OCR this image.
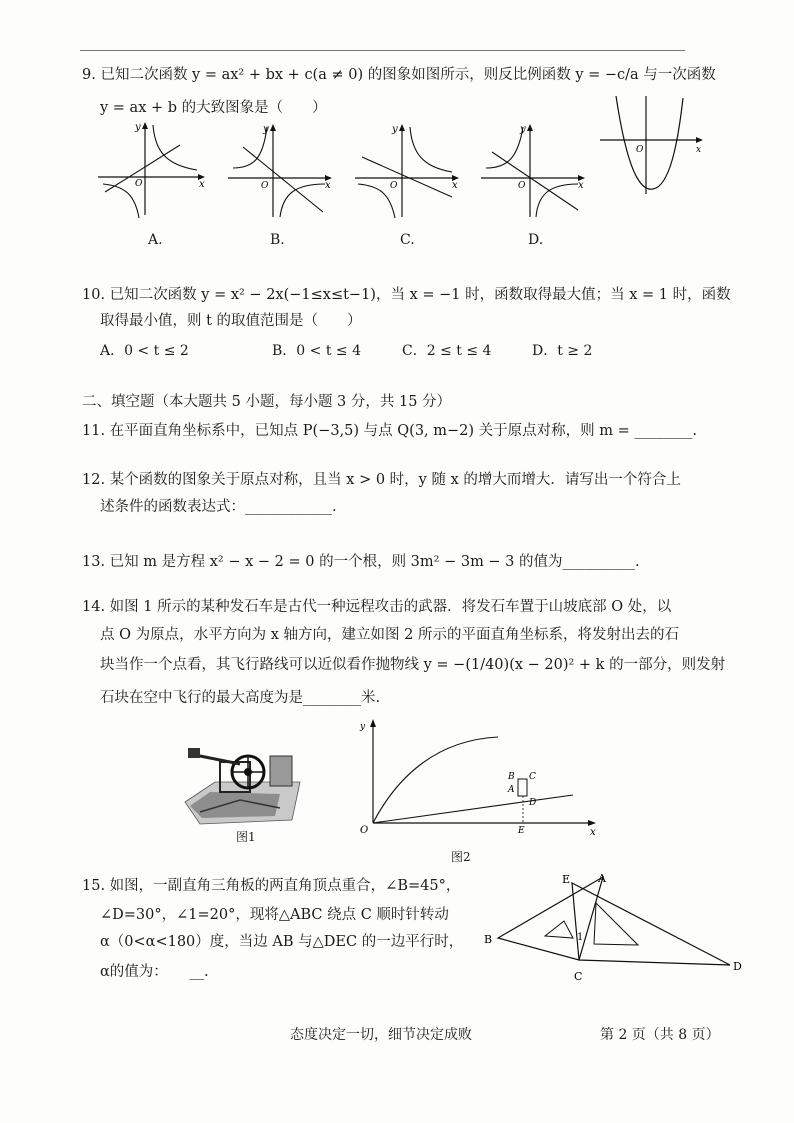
9. 已知二次函数 y = ax² + bx + c(a ≠ 0) 的图象如图所示，则反比例函数 y = −c/a 与一次函数
y = ax + b 的大致图象是（　　）
y
x
O
y
x
O
y
x
O
y
x
O
O	x
A.	B.	C.	D.
10. 已知二次函数 y = x² − 2x(−1≤x≤t−1)，当 x = −1 时，函数取得最大值；当 x = 1 时，函数
取得最小值，则 t 的取值范围是（　　）
A．0 < t ≤ 2	B．0 < t ≤ 4	C．2 ≤ t ≤ 4	D．t ≥ 2
二、填空题（本大题共 5 小题，每小题 3 分，共 15 分）
11. 在平面直角坐标系中，已知点 P(−3,5) 与点 Q(3, m−2) 关于原点对称，则 m = ________.
12. 某个函数的图象关于原点对称，且当 x > 0 时，y 随 x 的增大而增大．请写出一个符合上
述条件的函数表达式：____________.
13. 已知 m 是方程 x² − x − 2 = 0 的一个根，则 3m² − 3m − 3 的值为__________.
14. 如图 1 所示的某种发石车是古代一种远程攻击的武器．将发石车置于山坡底部 O 处，以
点 O 为原点，水平方向为 x 轴方向，建立如图 2 所示的平面直角坐标系，将发射出去的石
块当作一个点看，其飞行路线可以近似看作抛物线 y = −(1/40)(x − 20)² + k 的一部分，则发射
石块在空中飞行的最大高度为是________米.
图1
y
x
O
A
B C
D
E
图2
15. 如图，一副直角三角板的两直角顶点重合，∠B=45°，
∠D=30°，∠1=20°，现将△ABC 绕点 C 顺时针转动
α（0<α<180）度，当边 AB 与△DEC 的一边平行时，
α的值为：　　__.
E	A
B
C
D
1
态度决定一切，细节决定成败	第 2 页（共 8 页）
